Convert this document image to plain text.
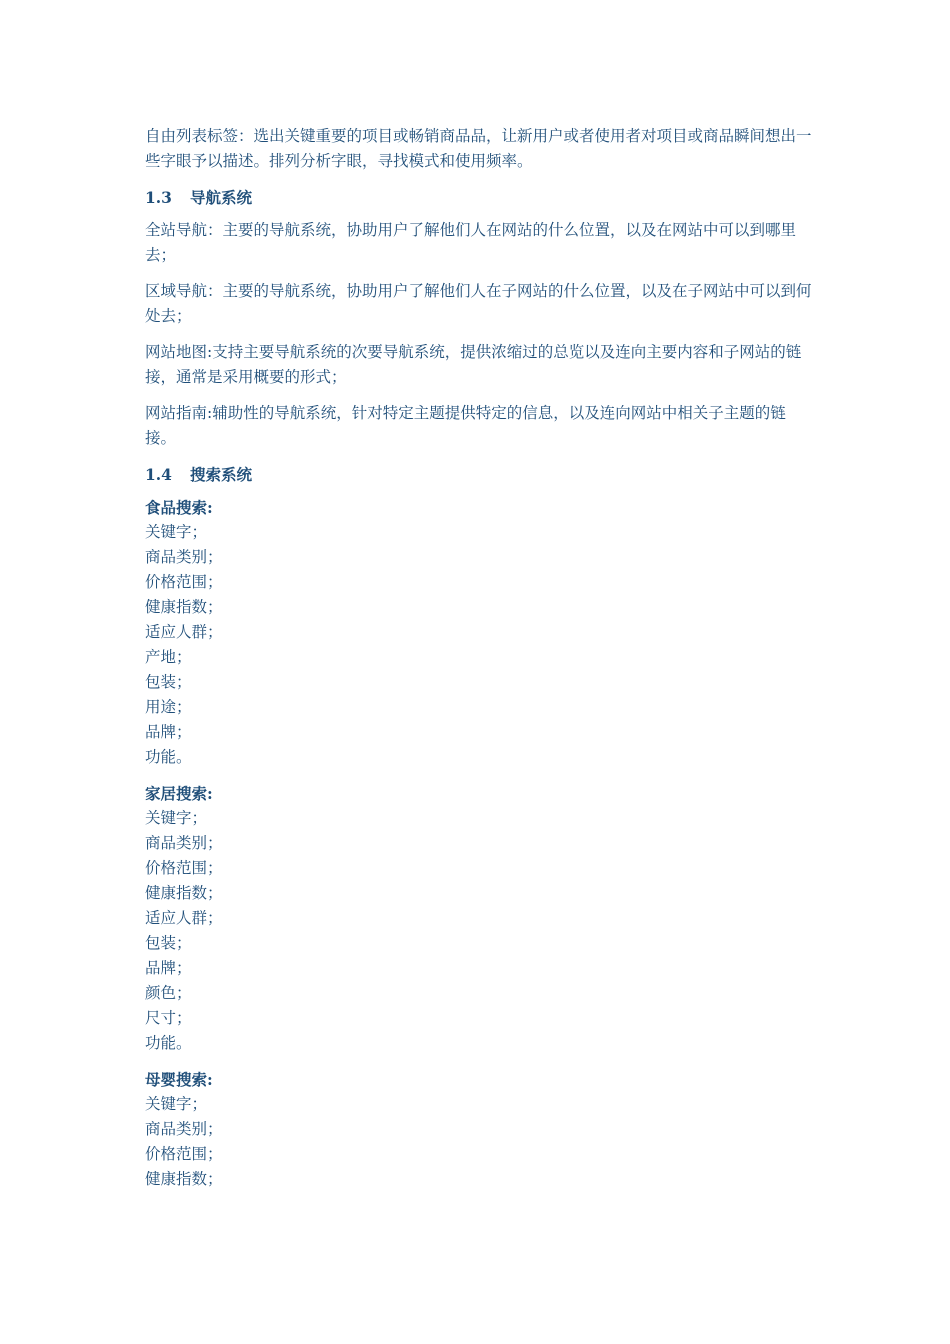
自由列表标签：选出关键重要的项目或畅销商品品，让新用户或者使用者对项目或商品瞬间想出一些字眼予以描述。排列分析字眼，寻找模式和使用频率。

1.3 导航系统

全站导航：主要的导航系统，协助用户了解他们人在网站的什么位置，以及在网站中可以到哪里去；

区域导航：主要的导航系统，协助用户了解他们人在子网站的什么位置，以及在子网站中可以到何处去；

网站地图:支持主要导航系统的次要导航系统，提供浓缩过的总览以及连向主要内容和子网站的链接，通常是采用概要的形式；

网站指南:辅助性的导航系统，针对特定主题提供特定的信息，以及连向网站中相关子主题的链接。

1.4 搜索系统
食品搜索:
关键字；
商品类别；
价格范围；
健康指数；
适应人群；
产地；
包装；
用途；
品牌；
功能。
家居搜索:
关键字；
商品类别；
价格范围；
健康指数；
适应人群；
包装；
品牌；
颜色；
尺寸；
功能。
母婴搜索:
关键字；
商品类别；
价格范围；
健康指数；
